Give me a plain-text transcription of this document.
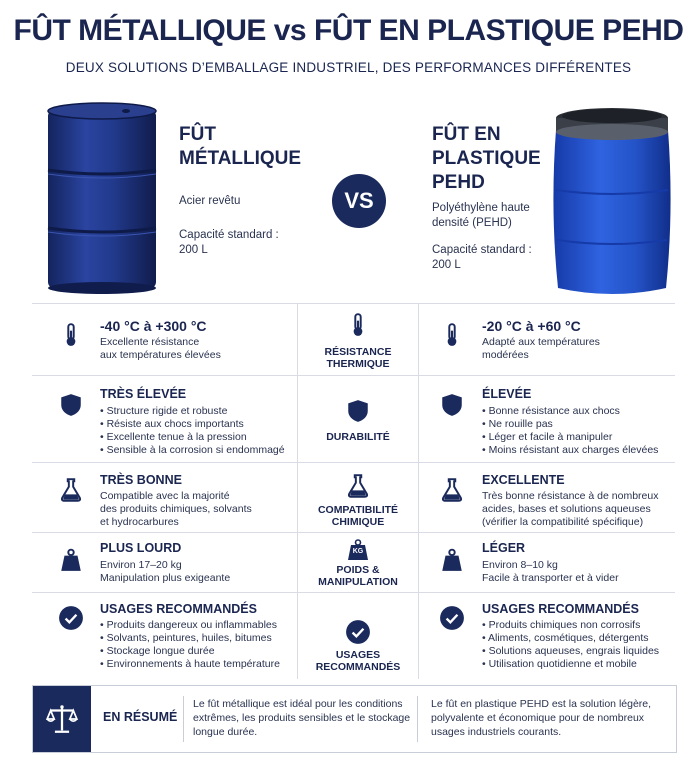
FÛT MÉTALLIQUE vs FÛT EN PLASTIQUE PEHD
DEUX SOLUTIONS D’EMBALLAGE INDUSTRIEL, DES PERFORMANCES DIFFÉRENTES
FÛT
MÉTALLIQUE
Acier revêtu
Capacité standard :
200 L
VS
FÛT EN
PLASTIQUE
PEHD
Polyéthylène haute
densité (PEHD)
Capacité standard :
200 L
-40 °C à +300 °C
Excellente résistance
aux températures élevées	RÉSISTANCE
THERMIQUE
-20 °C à +60 °C
Adapté aux températures
modérées
TRÈS ÉLEVÉE
• Structure rigide et robuste
• Résiste aux chocs importants
• Excellente tenue à la pression
• Sensible à la corrosion si endommagé
DURABILITÉ
ÉLEVÉE
• Bonne résistance aux chocs
• Ne rouille pas
• Léger et facile à manipuler
• Moins résistant aux charges élevées
TRÈS BONNE
Compatible avec la majorité
des produits chimiques, solvants
et hydrocarbures
COMPATIBILITÉ
CHIMIQUE
EXCELLENTE
Très bonne résistance à de nombreux
acides, bases et solutions aqueuses
(vérifier la compatibilité spécifique)
PLUS LOURD
Environ 17–20 kg
Manipulation plus exigeante
KG
POIDS &
MANIPULATION
LÉGER
Environ 8–10 kg
Facile à transporter et à vider
USAGES RECOMMANDÉS
• Produits dangereux ou inflammables
• Solvants, peintures, huiles, bitumes
• Stockage longue durée
• Environnements à haute température
USAGES
RECOMMANDÉS
USAGES RECOMMANDÉS
• Produits chimiques non corrosifs
• Aliments, cosmétiques, détergents
• Solutions aqueuses, engrais liquides
• Utilisation quotidienne et mobile
EN RÉSUMÉ
Le fût métallique est idéal pour les conditions extrêmes, les produits sensibles et le stockage longue durée.
Le fût en plastique PEHD est la solution légère, polyvalente et économique pour de nombreux usages industriels courants.
